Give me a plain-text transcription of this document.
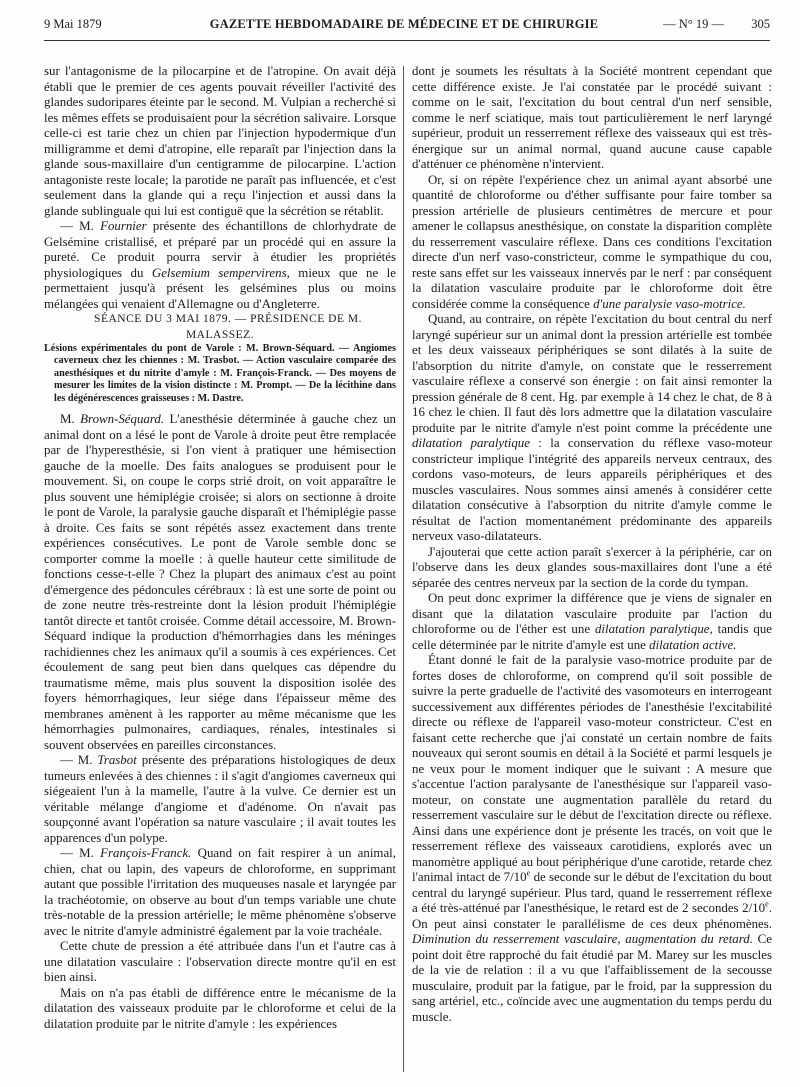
9 Mai 1879	GAZETTE HEBDOMADAIRE DE MÉDECINE ET DE CHIRURGIE	— N° 19 — 305

sur l'antagonisme de la pilocarpine et de l'atropine. On avait déjà établi que le premier de ces agents pouvait réveiller l'activité des glandes sudoripares éteinte par le second. M. Vulpian a recherché si les mêmes effets se produisaient pour la sécrétion salivaire. Lorsque celle-ci est tarie chez un chien par l'injection hypodermique d'un milligramme et demi d'atropine, elle reparaît par l'injection dans la glande sous-maxillaire d'un centigramme de pilocarpine. L'action antagoniste reste locale; la parotide ne paraît pas influencée, et c'est seulement dans la glande qui a reçu l'injection et aussi dans la glande sublinguale qui lui est contiguë que la sécrétion se rétablit.

— M. Fournier présente des échantillons de chlorhydrate de Gelsémine cristallisé, et préparé par un procédé qui en assure la pureté. Ce produit pourra servir à étudier les propriétés physiologiques du Gelsemium sempervirens, mieux que ne le permettaient jusqu'à présent les gelsémines plus ou moins mélangées qui venaient d'Allemagne ou d'Angleterre.

SÉANCE DU 3 MAI 1879. — PRÉSIDENCE DE M. MALASSEZ.

Lésions expérimentales du pont de Varole : M. Brown-Séquard. — Angiomes caverneux chez les chiennes : M. Trasbot. — Action vasculaire comparée des anesthésiques et du nitrite d'amyle : M. François-Franck. — Des moyens de mesurer les limites de la vision distincte : M. Prompt. — De la lécithine dans les dégénérescences graisseuses : M. Dastre.

M. Brown-Séquard. L'anesthésie déterminée à gauche chez un animal dont on a lésé le pont de Varole à droite peut être remplacée par de l'hyperesthésie, si l'on vient à pratiquer une hémisection gauche de la moelle. Des faits analogues se produisent pour le mouvement. Si, on coupe le corps strié droit, on voit apparaître le plus souvent une hémiplégie croisée; si alors on sectionne à droite le pont de Varole, la paralysie gauche disparaît et l'hémiplégie passe à droite. Ces faits se sont répétés assez exactement dans trente expériences consécutives. Le pont de Varole semble donc se comporter comme la moelle : à quelle hauteur cette similitude de fonctions cesse-t-elle ? Chez la plupart des animaux c'est au point d'émergence des pédoncules cérébraux : là est une sorte de point ou de zone neutre très-restreinte dont la lésion produit l'hémiplégie tantôt directe et tantôt croisée. Comme détail accessoire, M. Brown-Séquard indique la production d'hémorrhagies dans les méninges rachidiennes chez les animaux qu'il a soumis à ces expériences. Cet écoulement de sang peut bien dans quelques cas dépendre du traumatisme même, mais plus souvent la disposition isolée des foyers hémorrhagiques, leur siége dans l'épaisseur même des membranes amènent à les rapporter au même mécanisme que les hémorrhagies pulmonaires, cardiaques, rénales, intestinales si souvent observées en pareilles circonstances.

— M. Trasbot présente des préparations histologiques de deux tumeurs enlevées à des chiennes : il s'agit d'angiomes caverneux qui siégeaient l'un à la mamelle, l'autre à la vulve. Ce dernier est un véritable mélange d'angiome et d'adénome. On n'avait pas soupçonné avant l'opération sa nature vasculaire ; il avait toutes les apparences d'un polype.

— M. François-Franck. Quand on fait respirer à un animal, chien, chat ou lapin, des vapeurs de chloroforme, en supprimant autant que possible l'irritation des muqueuses nasale et laryngée par la trachéotomie, on observe au bout d'un temps variable une chute très-notable de la pression artérielle; le même phénomène s'observe avec le nitrite d'amyle administré également par la voie trachéale.

Cette chute de pression a été attribuée dans l'un et l'autre cas à une dilatation vasculaire : l'observation directe montre qu'il en est bien ainsi.

Mais on n'a pas établi de différence entre le mécanisme de la dilatation des vaisseaux produite par le chloroforme et celui de la dilatation produite par le nitrite d'amyle : les expériences

dont je soumets les résultats à la Société montrent cependant que cette différence existe. Je l'ai constatée par le procédé suivant : comme on le sait, l'excitation du bout central d'un nerf sensible, comme le nerf sciatique, mais tout particulièrement le nerf laryngé supérieur, produit un resserrement réflexe des vaisseaux qui est très-énergique sur un animal normal, quand aucune cause capable d'atténuer ce phénomène n'intervient.

Or, si on répète l'expérience chez un animal ayant absorbé une quantité de chloroforme ou d'éther suffisante pour faire tomber sa pression artérielle de plusieurs centimètres de mercure et pour amener le collapsus anesthésique, on constate la disparition complète du resserrement vasculaire réflexe. Dans ces conditions l'excitation directe d'un nerf vaso-constricteur, comme le sympathique du cou, reste sans effet sur les vaisseaux innervés par le nerf : par conséquent la dilatation vasculaire produite par le chloroforme doit être considérée comme la conséquence d'une paralysie vaso-motrice.

Quand, au contraire, on répète l'excitation du bout central du nerf laryngé supérieur sur un animal dont la pression artérielle est tombée et les deux vaisseaux périphériques se sont dilatés à la suite de l'absorption du nitrite d'amyle, on constate que le resserrement vasculaire réflexe a conservé son énergie : on fait ainsi remonter la pression générale de 8 cent. Hg. par exemple à 14 chez le chat, de 8 à 16 chez le chien. Il faut dès lors admettre que la dilatation vasculaire produite par le nitrite d'amyle n'est point comme la précédente une dilatation paralytique : la conservation du réflexe vaso-moteur constricteur implique l'intégrité des appareils nerveux centraux, des cordons vaso-moteurs, de leurs appareils périphériques et des muscles vasculaires. Nous sommes ainsi amenés à considérer cette dilatation consécutive à l'absorption du nitrite d'amyle comme le résultat de l'action momentanément prédominante des appareils nerveux vaso-dilatateurs.

J'ajouterai que cette action paraît s'exercer à la périphérie, car on l'observe dans les deux glandes sous-maxillaires dont l'une a été séparée des centres nerveux par la section de la corde du tympan.

On peut donc exprimer la différence que je viens de signaler en disant que la dilatation vasculaire produite par l'action du chloroforme ou de l'éther est une dilatation paralytique, tandis que celle déterminée par le nitrite d'amyle est une dilatation active.

Étant donné le fait de la paralysie vaso-motrice produite par de fortes doses de chloroforme, on comprend qu'il soit possible de suivre la perte graduelle de l'activité des vasomoteurs en interrogeant successivement aux différentes périodes de l'anesthésie l'excitabilité directe ou réflexe de l'appareil vaso-moteur constricteur. C'est en faisant cette recherche que j'ai constaté un certain nombre de faits nouveaux qui seront soumis en détail à la Société et parmi lesquels je ne veux pour le moment indiquer que le suivant : A mesure que s'accentue l'action paralysante de l'anesthésique sur l'appareil vaso-moteur, on constate une augmentation parallèle du retard du resserrement vasculaire sur le début de l'excitation directe ou réflexe. Ainsi dans une expérience dont je présente les tracés, on voit que le resserrement réflexe des vaisseaux carotidiens, explorés avec un manomètre appliqué au bout périphérique d'une carotide, retarde chez l'animal intact de 7/10e de seconde sur le début de l'excitation du bout central du laryngé supérieur. Plus tard, quand le resserrement réflexe a été très-atténué par l'anesthésique, le retard est de 2 secondes 2/10e. On peut ainsi constater le parallélisme de ces deux phénomènes. Diminution du resserrement vasculaire, augmentation du retard. Ce point doit être rapproché du fait étudié par M. Marey sur les muscles de la vie de relation : il a vu que l'affaiblissement de la secousse musculaire, produit par la fatigue, par le froid, par la suppression du sang artériel, etc., coïncide avec une augmentation du temps perdu du muscle.
